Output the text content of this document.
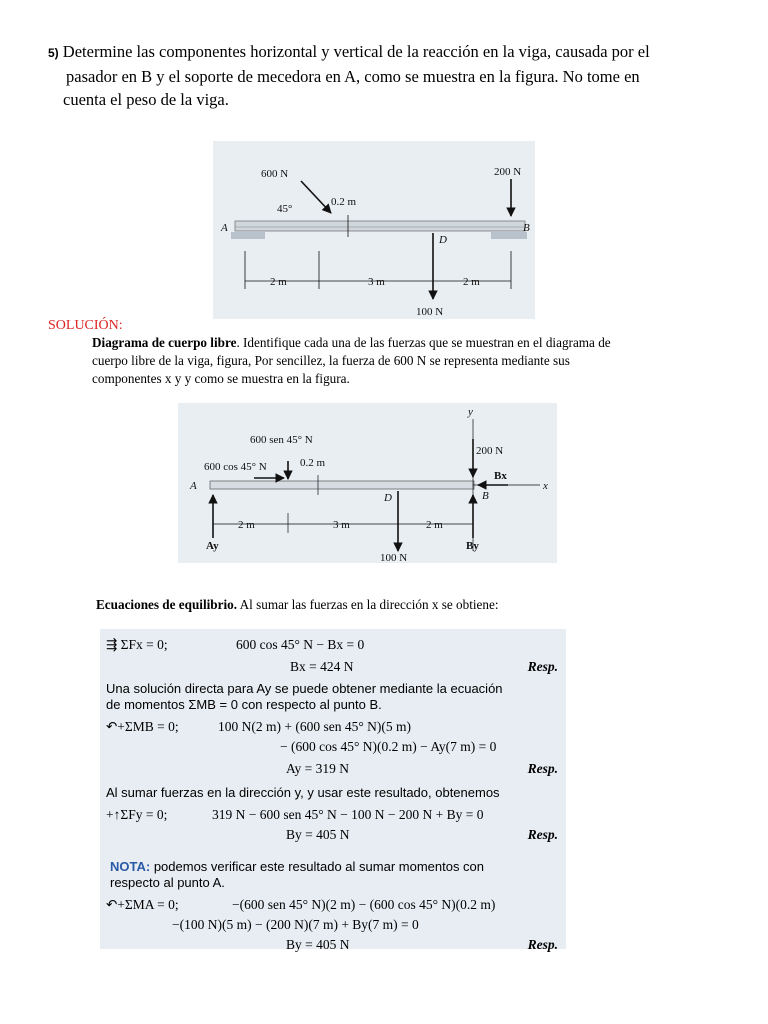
5) Determine las componentes horizontal y vertical de la reacción en la viga, causada por el
pasador en B y el soporte de mecedora en A, como se muestra en la figura. No tome en
cuenta el peso de la viga.
A	B
D
600 N
45°
0.2 m
200 N
2 m	3 m	2 m
100 N
SOLUCIÓN:
Diagrama de cuerpo libre. Identifique cada una de las fuerzas que se muestran en el diagrama de
cuerpo libre de la viga, figura, Por sencillez, la fuerza de 600 N se representa mediante sus
componentes x y y como se muestra en la figura.
600 sen 45° N
600 cos 45° N	0.2 m
200 N
Bx
x
y
A
B
D
2 m	3 m	2 m
Ay	By
100 N
Ecuaciones de equilibrio. Al sumar las fuerzas en la dirección x se obtiene:
⇶ ΣFx = 0;	600 cos 45° N − Bx = 0
Bx = 424 N	Resp.
Una solución directa para Ay se puede obtener mediante la ecuación
de momentos ΣMB = 0 con respecto al punto B.
↶+ΣMB = 0;	100 N(2 m) + (600 sen 45° N)(5 m)
− (600 cos 45° N)(0.2 m) − Ay(7 m) = 0
Ay = 319 N	Resp.
Al sumar fuerzas en la dirección y, y usar este resultado, obtenemos
+↑ΣFy = 0;	319 N − 600 sen 45° N − 100 N − 200 N + By = 0
By = 405 N	Resp.
NOTA: podemos verificar este resultado al sumar momentos con
respecto al punto A.
↶+ΣMA = 0;	−(600 sen 45° N)(2 m) − (600 cos 45° N)(0.2 m)
−(100 N)(5 m) − (200 N)(7 m) + By(7 m) = 0
By = 405 N	Resp.
